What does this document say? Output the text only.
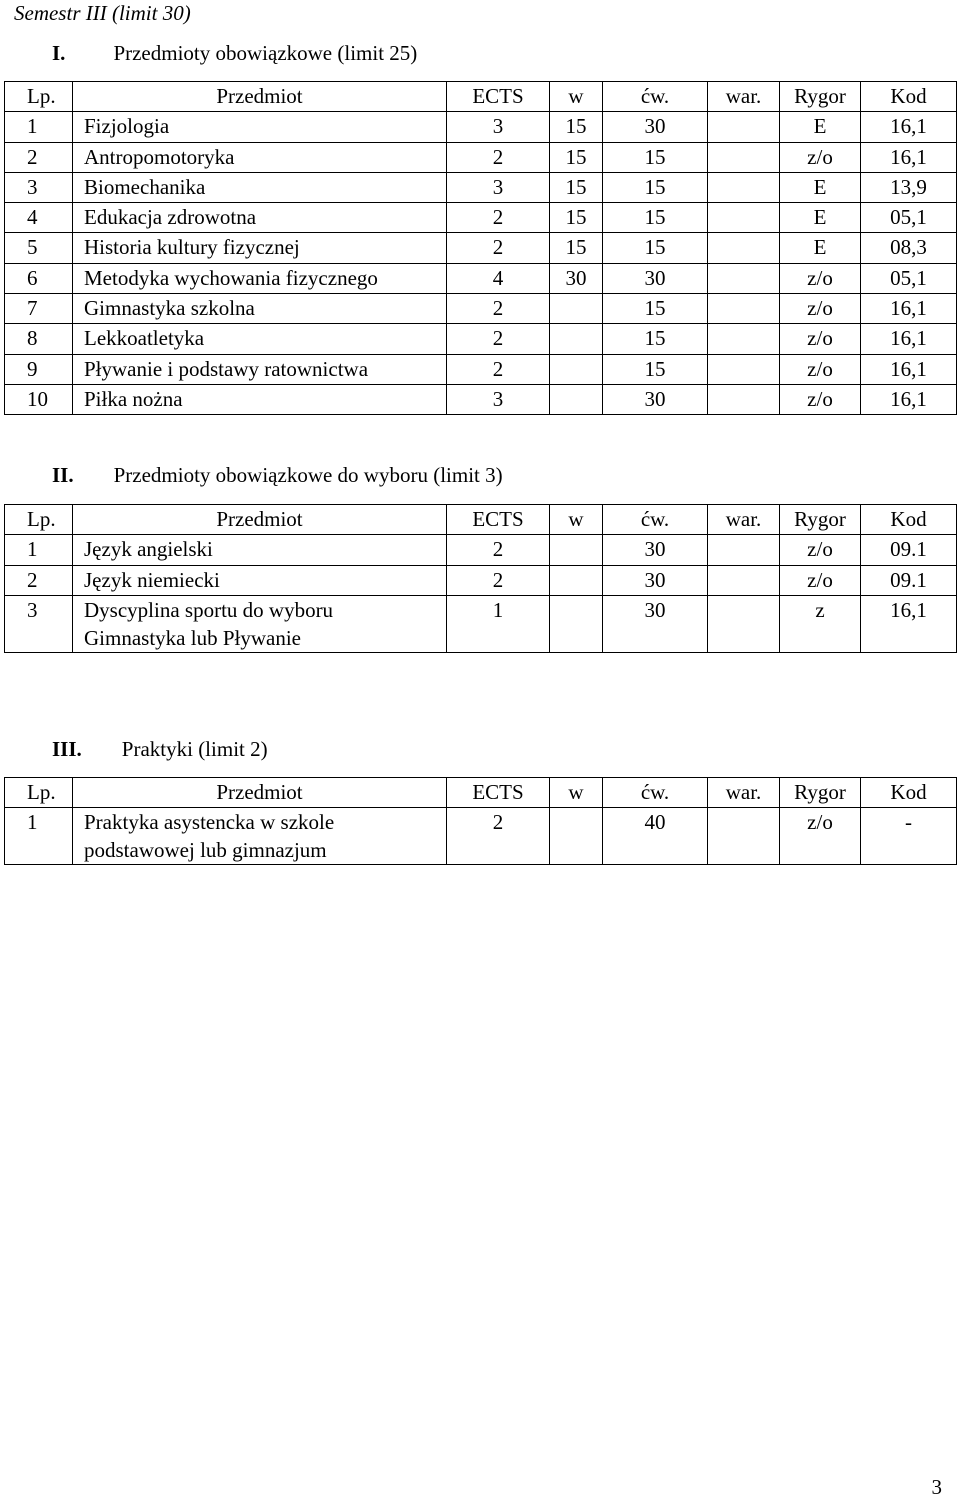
Semestr III (limit 30)
I. Przedmioty obowiązkowe (limit 25)
Lp.	Przedmiot	ECTS	w	ćw.	war.	Rygor	Kod
1	Fizjologia	3	15	30		E	16,1
2	Antropomotoryka	2	15	15		z/o	16,1
3	Biomechanika	3	15	15		E	13,9
4	Edukacja zdrowotna	2	15	15		E	05,1
5	Historia kultury fizycznej	2	15	15		E	08,3
6	Metodyka wychowania fizycznego	4	30	30		z/o	05,1
7	Gimnastyka szkolna	2		15		z/o	16,1
8	Lekkoatletyka	2		15		z/o	16,1
9	Pływanie i podstawy ratownictwa	2		15		z/o	16,1
10	Piłka nożna	3		30		z/o	16,1
II. Przedmioty obowiązkowe do wyboru (limit 3)
Lp.	Przedmiot	ECTS	w	ćw.	war.	Rygor	Kod
1	Język angielski	2		30		z/o	09.1
2	Język niemiecki	2		30		z/o	09.1
3	Dyscyplina sportu do wyboru
Gimnastyka lub Pływanie	1		30		z	16,1
III. Praktyki (limit 2)
Lp.	Przedmiot	ECTS	w	ćw.	war.	Rygor	Kod
1	Praktyka asystencka w szkole
podstawowej lub gimnazjum	2		40		z/o	-
3
